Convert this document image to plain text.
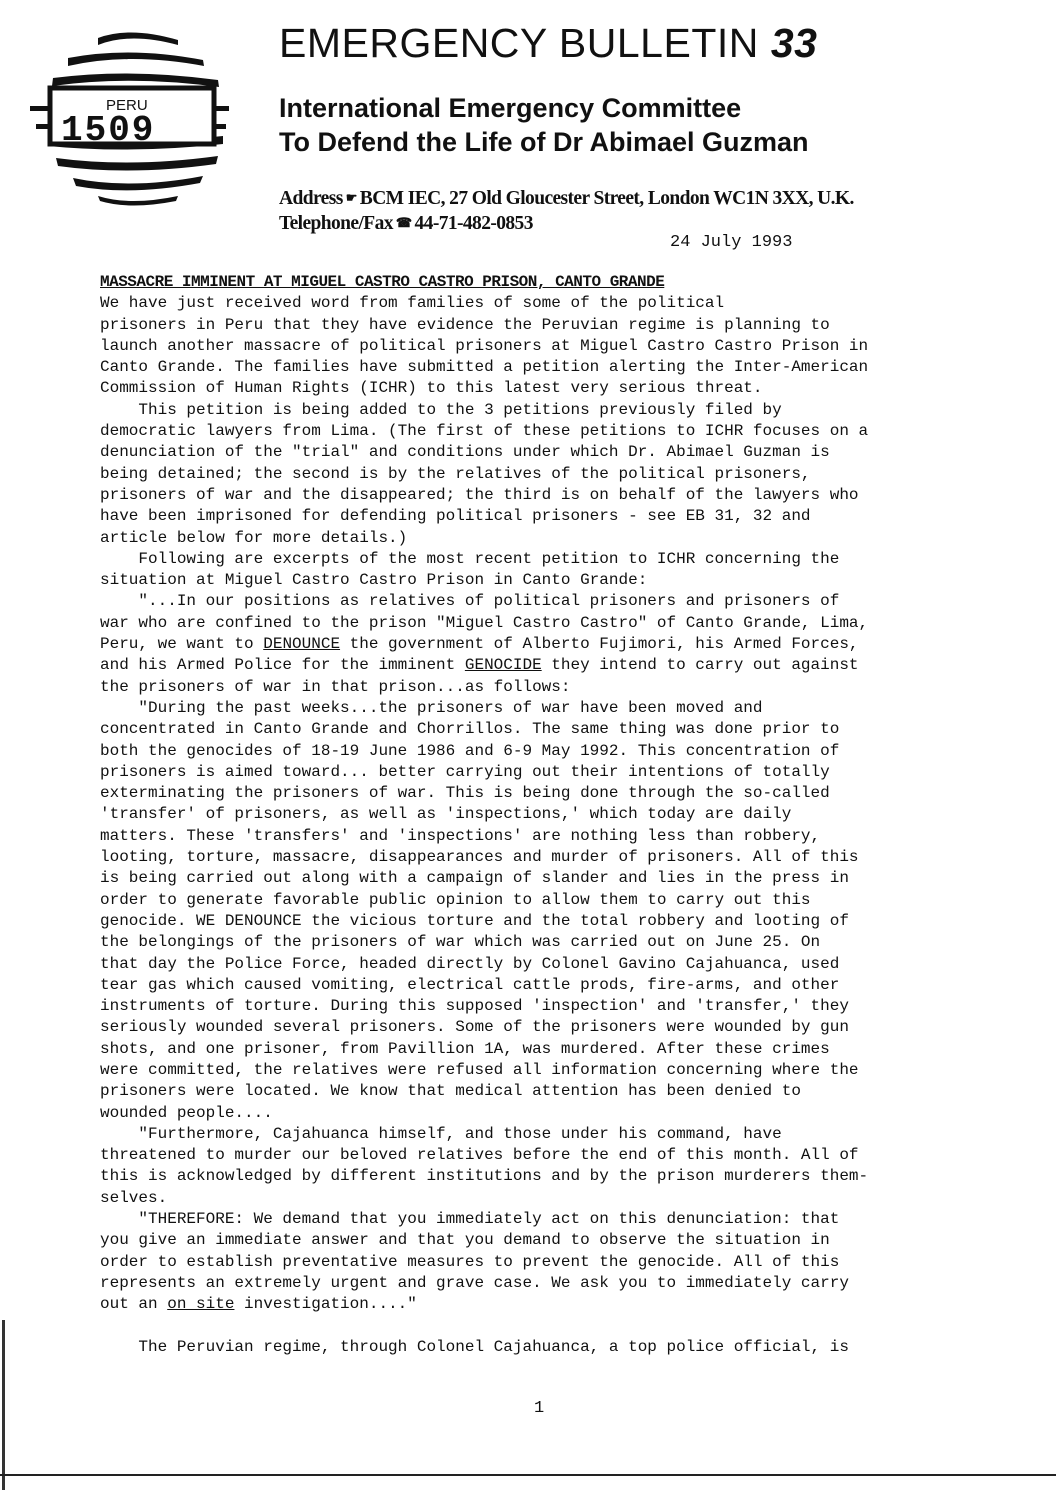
PERU
1509
EMERGENCY BULLETIN 33
International Emergency Committee
To Defend the Life of Dr Abimael Guzman
Address ☛ BCM IEC, 27 Old Gloucester Street, London WC1N 3XX, U.K.
Telephone/Fax ☎ 44-71-482-0853
24 July 1993
MASSACRE IMMINENT AT MIGUEL CASTRO CASTRO PRISON, CANTO GRANDE
We have just received word from families of some of the political
prisoners in Peru that they have evidence the Peruvian regime is planning to
launch another massacre of political prisoners at Miguel Castro Castro Prison in
Canto Grande. The families have submitted a petition alerting the Inter-American
Commission of Human Rights (ICHR) to this latest very serious threat.
This petition is being added to the 3 petitions previously filed by
democratic lawyers from Lima. (The first of these petitions to ICHR focuses on a
denunciation of the "trial" and conditions under which Dr. Abimael Guzman is
being detained; the second is by the relatives of the political prisoners,
prisoners of war and the disappeared; the third is on behalf of the lawyers who
have been imprisoned for defending political prisoners - see EB 31, 32 and
article below for more details.)
Following are excerpts of the most recent petition to ICHR concerning the
situation at Miguel Castro Castro Prison in Canto Grande:
"...In our positions as relatives of political prisoners and prisoners of
war who are confined to the prison "Miguel Castro Castro" of Canto Grande, Lima,
Peru, we want to DENOUNCE the government of Alberto Fujimori, his Armed Forces,
and his Armed Police for the imminent GENOCIDE they intend to carry out against
the prisoners of war in that prison...as follows:
"During the past weeks...the prisoners of war have been moved and
concentrated in Canto Grande and Chorrillos. The same thing was done prior to
both the genocides of 18-19 June 1986 and 6-9 May 1992. This concentration of
prisoners is aimed toward... better carrying out their intentions of totally
exterminating the prisoners of war. This is being done through the so-called
'transfer' of prisoners, as well as 'inspections,' which today are daily
matters. These 'transfers' and 'inspections' are nothing less than robbery,
looting, torture, massacre, disappearances and murder of prisoners. All of this
is being carried out along with a campaign of slander and lies in the press in
order to generate favorable public opinion to allow them to carry out this
genocide. WE DENOUNCE the vicious torture and the total robbery and looting of
the belongings of the prisoners of war which was carried out on June 25. On
that day the Police Force, headed directly by Colonel Gavino Cajahuanca, used
tear gas which caused vomiting, electrical cattle prods, fire-arms, and other
instruments of torture. During this supposed 'inspection' and 'transfer,' they
seriously wounded several prisoners. Some of the prisoners were wounded by gun
shots, and one prisoner, from Pavillion 1A, was murdered. After these crimes
were committed, the relatives were refused all information concerning where the
prisoners were located. We know that medical attention has been denied to
wounded people....
"Furthermore, Cajahuanca himself, and those under his command, have
threatened to murder our beloved relatives before the end of this month. All of
this is acknowledged by different institutions and by the prison murderers them-
selves.
"THEREFORE: We demand that you immediately act on this denunciation: that
you give an immediate answer and that you demand to observe the situation in
order to establish preventative measures to prevent the genocide. All of this
represents an extremely urgent and grave case. We ask you to immediately carry
out an on site investigation...."
The Peruvian regime, through Colonel Cajahuanca, a top police official, is
1
